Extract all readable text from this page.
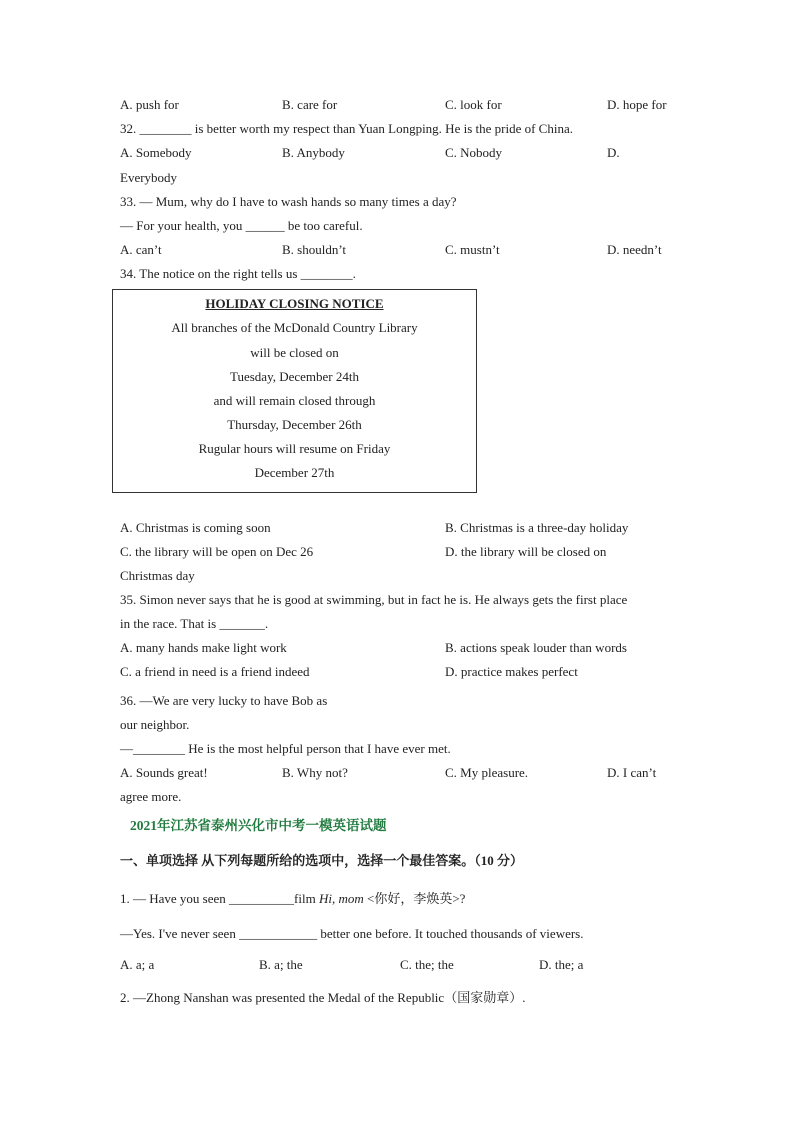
A. push for	B. care for	C. look for	D. hope for
32. ________ is better worth my respect than Yuan Longping. He is the pride of China.
A. Somebody	B. Anybody	C. Nobody	D.
Everybody
33. — Mum, why do I have to wash hands so many times a day?
— For your health, you ______ be too careful.
A. can’t	B. shouldn’t	C. mustn’t	D. needn’t
34. The notice on the right tells us ________.
HOLIDAY CLOSING NOTICE
All branches of the McDonald Country Library
will be closed on
Tuesday, December 24th
and will remain closed through
Thursday, December 26th
Rugular hours will resume on Friday
December 27th
A. Christmas is coming soon	B. Christmas is a three-day holiday
C. the library will be open on Dec 26	D. the library will be closed on
Christmas day
35. Simon never says that he is good at swimming, but in fact he is. He always gets the first place
in the race. That is _______.
A. many hands make light work	B. actions speak louder than words
C. a friend in need is a friend indeed	D. practice makes perfect
36. —We are very lucky to have Bob as
our neighbor.
—________ He is the most helpful person that I have ever met.
A. Sounds great!	B. Why not?	C. My pleasure.	D. I can’t
agree more.
2021年江苏省泰州兴化市中考一模英语试题
一、单项选择 从下列每题所给的选项中，选择一个最佳答案。（10 分）
1. — Have you seen __________film Hi, mom <你好，李焕英>?
—Yes. I've never seen ____________ better one before. It touched thousands of viewers.
A. a; a	B. a; the	C. the; the	D. the; a
2. —Zhong Nanshan was presented the Medal of the Republic（国家勋章）.
